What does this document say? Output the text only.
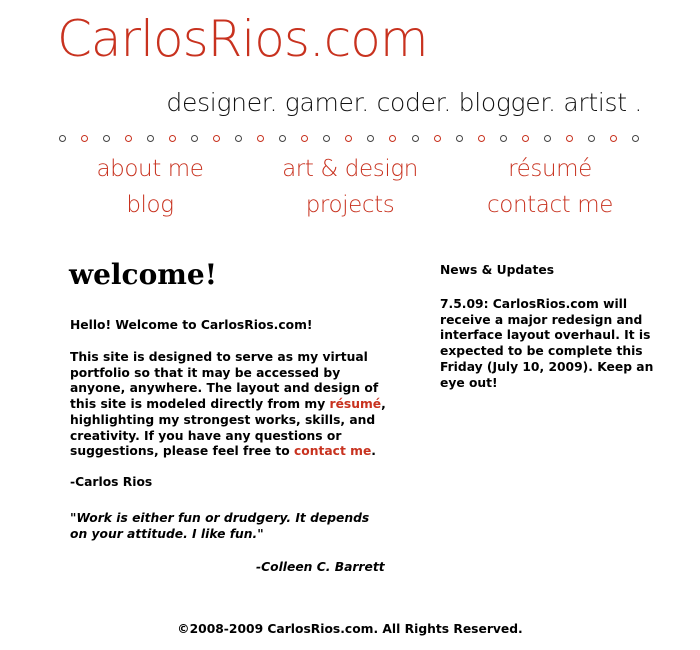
CarlosRios.com
designer. gamer. coder. blogger. artist .
about me
blog
art & design
projects
résumé
contact me
welcome!

Hello! Welcome to CarlosRios.com!

This site is designed to serve as my virtual portfolio so that it may be accessed by anyone, anywhere. The layout and design of this site is modeled directly from my résumé, highlighting my strongest works, skills, and creativity. If you have any questions or suggestions, please feel free to contact me.

-Carlos Rios

"Work is either fun or drudgery. It depends on your attitude. I like fun."

-Colleen C. Barrett

News & Updates
7.5.09: CarlosRios.com will receive a major redesign and interface layout overhaul. It is expected to be complete this Friday (July 10, 2009). Keep an eye out!
©2008-2009 CarlosRios.com. All Rights Reserved.
